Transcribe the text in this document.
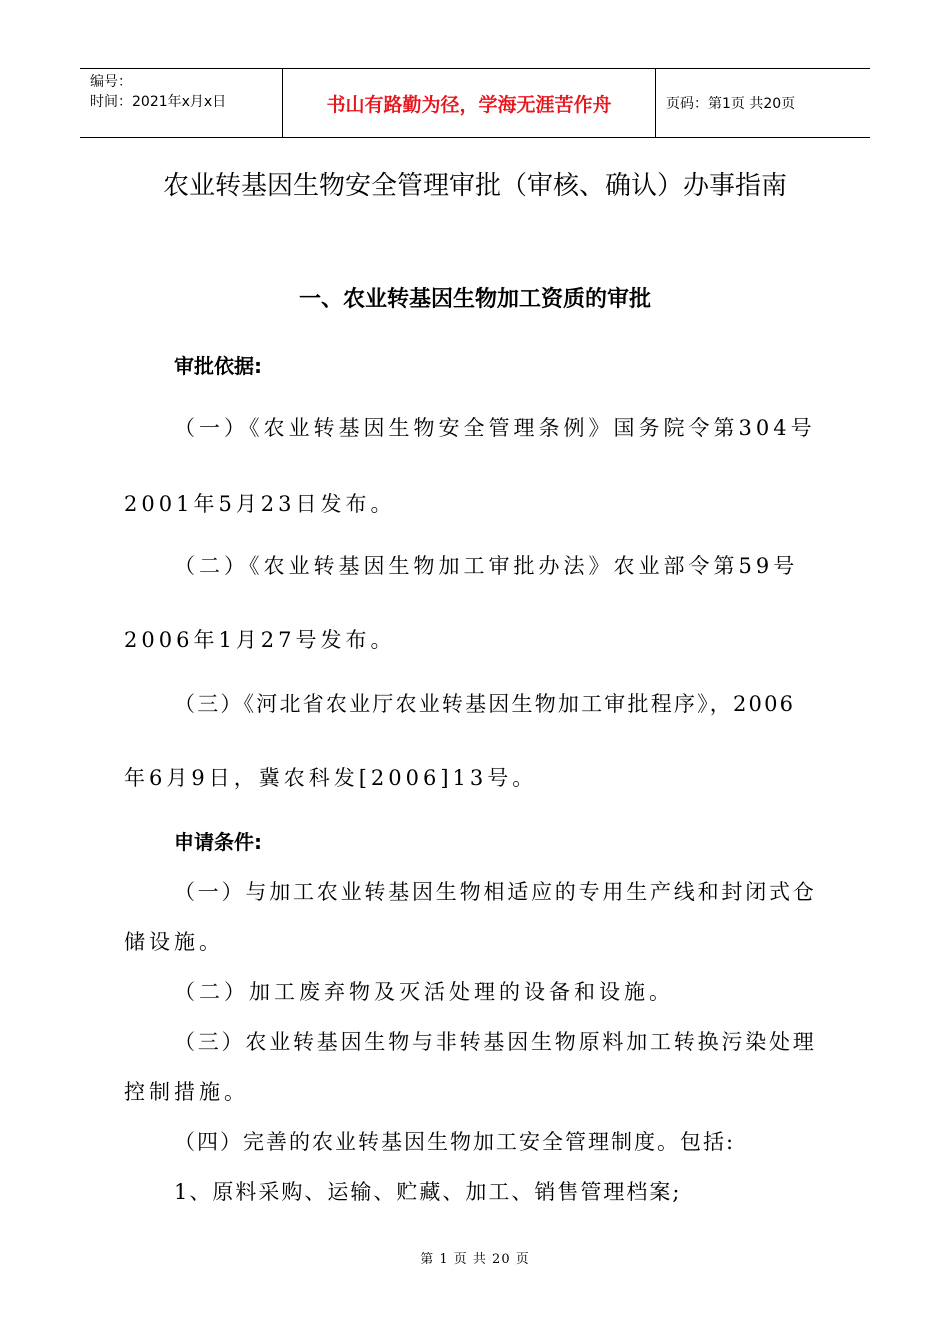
编号：
时间：2021年x月x日	书山有路勤为径，学海无涯苦作舟	页码：第1页 共20页
农业转基因生物安全管理审批（审核、确认）办事指南
一、农业转基因生物加工资质的审批
审批依据:
（一）《农业转基因生物安全管理条例》国务院令第304号
2001年5月23日发布。
（二）《农业转基因生物加工审批办法》农业部令第59号
2006年1月27号发布。
（三）《河北省农业厅农业转基因生物加工审批程序》，2006
年6月9日，冀农科发[2006]13号。
申请条件:
（一）与加工农业转基因生物相适应的专用生产线和封闭式仓
储设施。
（二）加工废弃物及灭活处理的设备和设施。
（三）农业转基因生物与非转基因生物原料加工转换污染处理
控制措施。
（四）完善的农业转基因生物加工安全管理制度。包括:
1、原料采购、运输、贮藏、加工、销售管理档案;
第 1 页 共 20 页
